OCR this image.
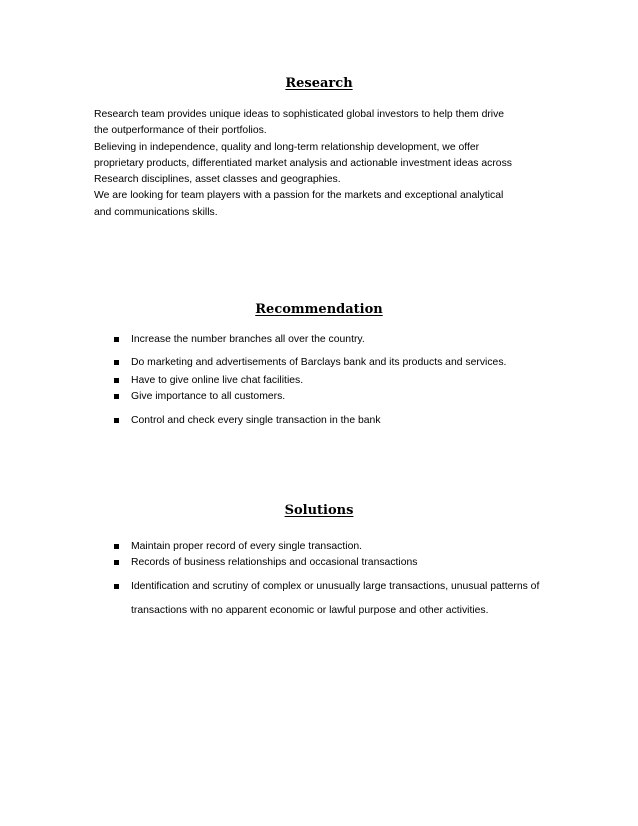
Research

Research team provides unique ideas to sophisticated global investors to help them drive

the outperformance of their portfolios.

Believing in independence, quality and long-term relationship development, we offer

proprietary products, differentiated market analysis and actionable investment ideas across

Research disciplines, asset classes and geographies.

We are looking for team players with a passion for the markets and exceptional analytical

and communications skills.

Recommendation
Increase the number branches all over the country.
Do marketing and advertisements of Barclays bank and its products and services.
Have to give online live chat facilities.
Give importance to all customers.
Control and check every single transaction in the bank
Solutions
Maintain proper record of every single transaction.
Records of business relationships and occasional transactions
Identification and scrutiny of complex or unusually large transactions, unusual patterns of transactions with no apparent economic or lawful purpose and other activities.
